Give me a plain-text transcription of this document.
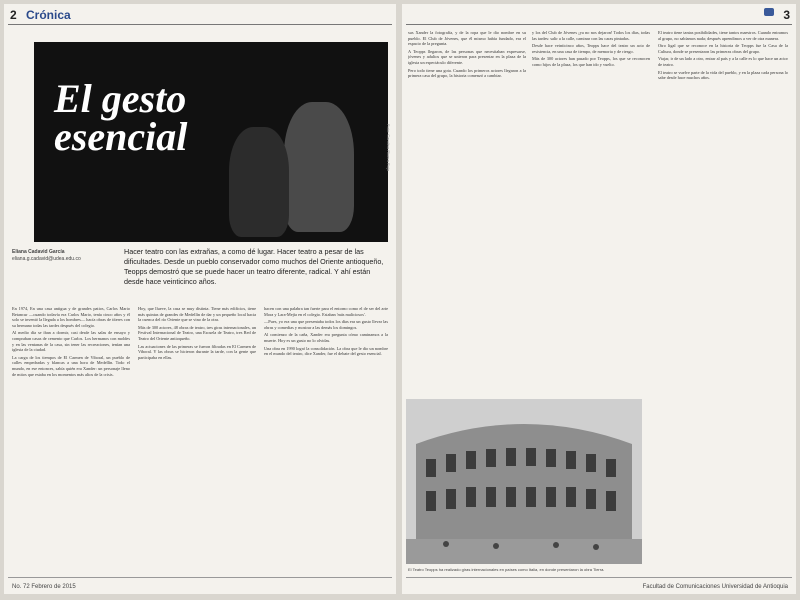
2 Crónica
El gesto esencial	Foto: Carolina Rivera Roja
Eliana Cadavid García
eliana.g.cadavid@udea.edu.co
Hacer teatro con las extrañas, a como dé lugar. Hacer teatro a pesar de las dificultades. Desde un pueblo conservador como muchos del Oriente antioqueño, Teopps demostró que se puede hacer un teatro diferente, radical. Y ahí están desde hace veinticinco años.

En 1974, En una casa antigua y de grandes patios, Carlos Mario Betancur —cuando todavía era Carlos Mario, tenía cinco años y él solo se inventó la llegada a los hombres— hacía obras de títeres con su hermano todas las tardes después del colegio.

Al medio día se iban a dormir, casi desde las salas de ensayo y compraban casas de cemento que Carlos. Los hermanos con moldes y en las ventanas de la casa, sin tener las recreaciones, tenían una iglesia de la ciudad.

La carga de los tiempos de El Carmen de Viboral, un pueblo de calles empedradas y blancas a una hora de Medellín. Todo el mundo, en ese entonces, sabía quién era Xander: un personaje lleno de mitos que estaba en los momentos más altos de la crisis.

Hoy, que llueve, la casa se muy distinta. Tiene más edificios, tiene más quintas de grandes de Medellín de dar y un pequeño local hacia la cuenca del río Oriente que se vino de la otra.

Más de 300 actores, 48 obras de teatro, tres giras internacionales, un Festival Internacional de Teatro, una Escuela de Teatro, tres Red de Teatro del Oriente antioqueño.

Las actuaciones de las primeras se fueron filtradas en El Carmen de Viboral. Y las obras se hicieron durante la tarde, con la gente que participaba en ellas.

hacen con una palabra tan fuerte para el entorno como el de ser del arte Mora y Lara-Mejía en el colegio. Estaban 'más maliciosos'.

—Pues, yo era una que presentaba todos los días era un gusto llevar las obras y comedias y mostrar a las demás los domingos.

Al comienzo de la caña, Xander era pregunta cómo caminamos a la muerte. Hoy es un gusto no lo olvidas.

Una obra en 1990 logró la consolidación. La obra que le dio un nombre en el mundo del teatro, dice Xander, fue el debate del gesto esencial.

No. 72 Febrero de 2015

3

sus Xander la fotografía, y de la ropa que le dio nombre en su pueblo. El Club de Jóvenes, que él mismo había fundado, era el espacio de la pregunta.

A Teopps llegaron, de las personas que necesitaban expresarse, jóvenes y adultos que se unieron para presentar en la plaza de la iglesia un espectáculo diferente.

Pero todo tiene una gota. Cuando los primeros actores llegaron a la primera casa del grupo, la historia comenzó a cambiar.

y los del Club de Jóvenes ¡ya no nos dejaron! Todos los días, todas las tardes: salir a la calle, caminar con las caras pintadas.

Desde hace veinticinco años, Teopps hace del teatro un acto de resistencia, en una casa de tiempo, de memoria y de riesgo.

Más de 300 actores han pasado por Teopps, los que se reconocen como hijos de la plaza, los que han ido y vuelto.

El teatro tiene tantas posibilidades, tiene tantos maestros. Cuando entramos al grupo, no sabíamos nada; después aprendimos a ver de otra manera.

Otro ligal que se reconoce en la historia de Teopps fue la Casa de la Cultura, donde se presentaron las primeras obras del grupo.

Viajar, ir de un lado a otro, entrar al país y a la calle es lo que hace un actor de teatro.

El teatro se vuelve parte de la vida del pueblo, y en la plaza cada persona lo sabe desde hace muchos años.

El Teatro Teopps ha realizado giras internacionales en países como Italia, en donde presentaron la obra Tierra.
Facultad de Comunicaciones Universidad de Antioquia
